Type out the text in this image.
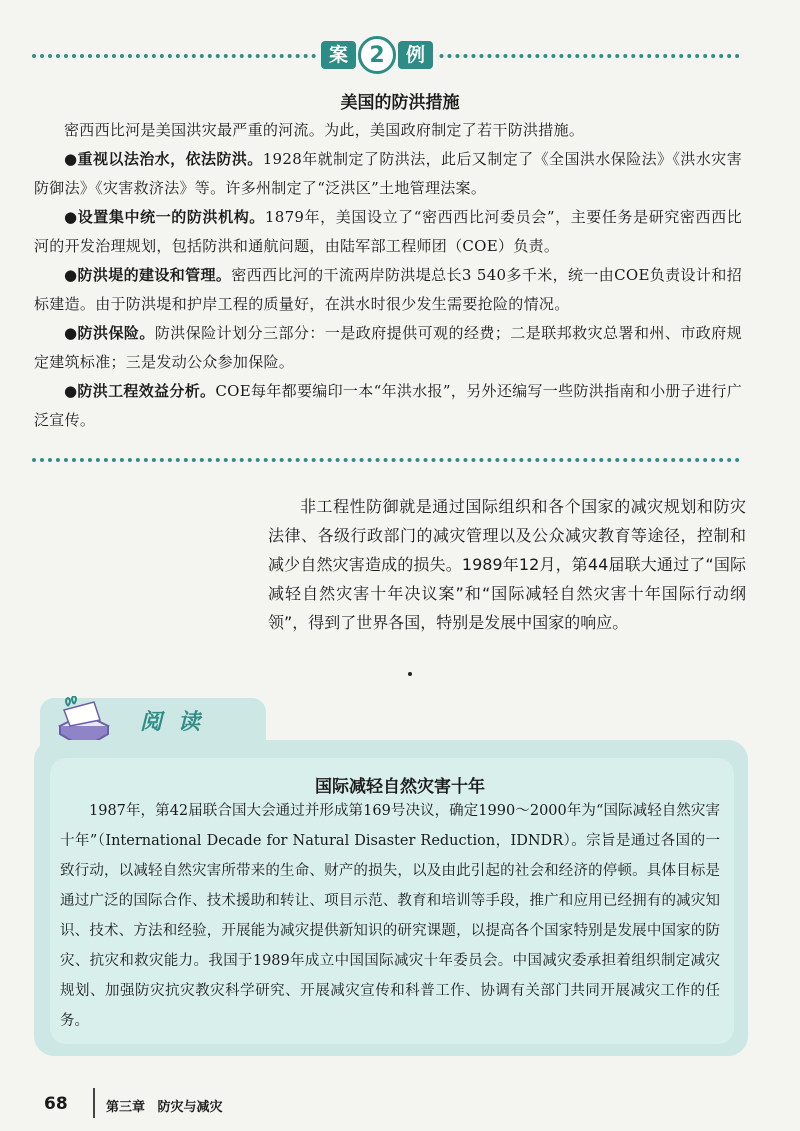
案 2	例
美国的防洪措施

密西西比河是美国洪灾最严重的河流。为此，美国政府制定了若干防洪措施。

●重视以法治水，依法防洪。1928年就制定了防洪法，此后又制定了《全国洪水保险法》《洪水灾害防御法》《灾害救济法》等。许多州制定了“泛洪区”土地管理法案。

●设置集中统一的防洪机构。1879年，美国设立了“密西西比河委员会”，主要任务是研究密西西比河的开发治理规划，包括防洪和通航问题，由陆军部工程师团（COE）负责。

●防洪堤的建设和管理。密西西比河的干流两岸防洪堤总长3 540多千米，统一由COE负责设计和招标建造。由于防洪堤和护岸工程的质量好，在洪水时很少发生需要抢险的情况。

●防洪保险。防洪保险计划分三部分：一是政府提供可观的经费；二是联邦救灾总署和州、市政府规定建筑标准；三是发动公众参加保险。

●防洪工程效益分析。COE每年都要编印一本“年洪水报”，另外还编写一些防洪指南和小册子进行广泛宣传。

非工程性防御就是通过国际组织和各个国家的减灾规划和防灾法律、各级行政部门的减灾管理以及公众减灾教育等途径，控制和减少自然灾害造成的损失。1989年12月，第44届联大通过了“国际减轻自然灾害十年决议案”和“国际减轻自然灾害十年国际行动纲领”，得到了世界各国，特别是发展中国家的响应。

阅读
国际减轻自然灾害十年

1987年，第42届联合国大会通过并形成第169号决议，确定1990～2000年为“国际减轻自然灾害十年”（International Decade for Natural Disaster Reduction，IDNDR）。宗旨是通过各国的一致行动，以减轻自然灾害所带来的生命、财产的损失，以及由此引起的社会和经济的停顿。具体目标是通过广泛的国际合作、技术援助和转让、项目示范、教育和培训等手段，推广和应用已经拥有的减灾知识、技术、方法和经验，开展能为减灾提供新知识的研究课题，以提高各个国家特别是发展中国家的防灾、抗灾和救灾能力。我国于1989年成立中国国际减灾十年委员会。中国减灾委承担着组织制定减灾规划、加强防灾抗灾教灾科学研究、开展减灾宣传和科普工作、协调有关部门共同开展减灾工作的任务。

68	第三章 防灾与减灾
